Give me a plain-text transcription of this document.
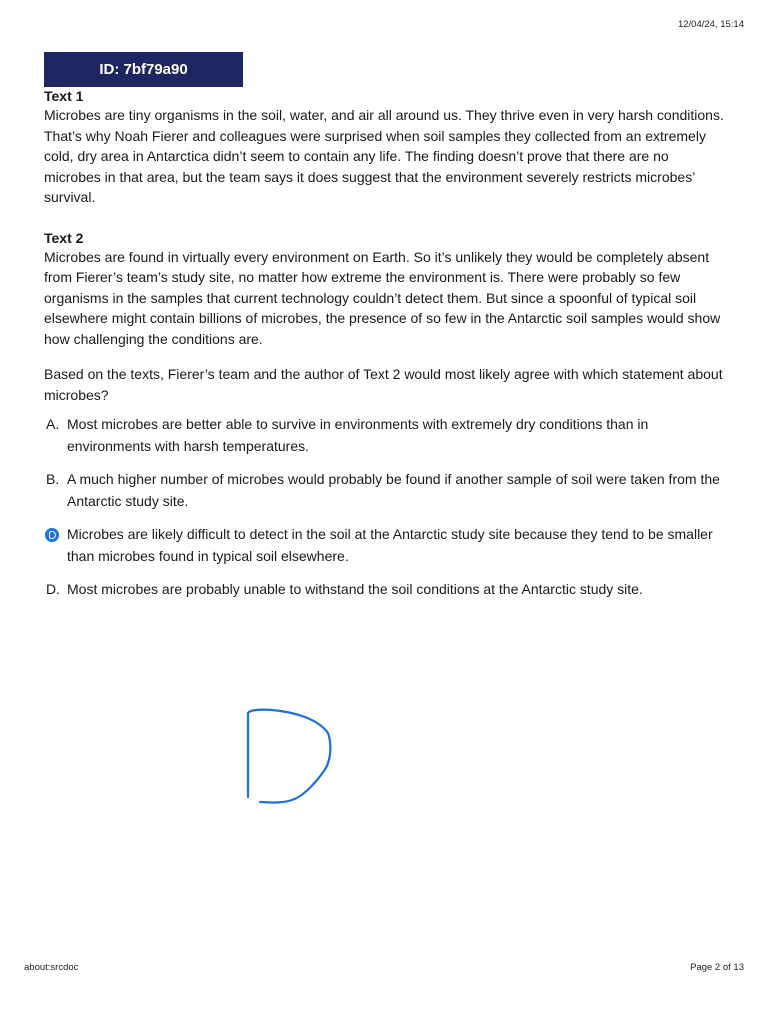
12/04/24, 15:14
ID: 7bf79a90

Text 1

Microbes are tiny organisms in the soil, water, and air all around us. They thrive even in very harsh conditions. That’s why Noah Fierer and colleagues were surprised when soil samples they collected from an extremely cold, dry area in Antarctica didn’t seem to contain any life. The finding doesn’t prove that there are no microbes in that area, but the team says it does suggest that the environment severely restricts microbes’ survival.

Text 2

Microbes are found in virtually every environment on Earth. So it’s unlikely they would be completely absent from Fierer’s team’s study site, no matter how extreme the environment is. There were probably so few organisms in the samples that current technology couldn’t detect them. But since a spoonful of typical soil elsewhere might contain billions of microbes, the presence of so few in the Antarctic soil samples would show how challenging the conditions are.

Based on the texts, Fierer’s team and the author of Text 2 would most likely agree with which statement about microbes?

A. Most microbes are better able to survive in environments with extremely dry conditions than in environments with harsh temperatures.
B. A much higher number of microbes would probably be found if another sample of soil were taken from the Antarctic study site.
Microbes are likely difficult to detect in the soil at the Antarctic study site because they tend to be smaller than microbes found in typical soil elsewhere.
D. Most microbes are probably unable to withstand the soil conditions at the Antarctic study site.
about:srcdoc	Page 2 of 13
